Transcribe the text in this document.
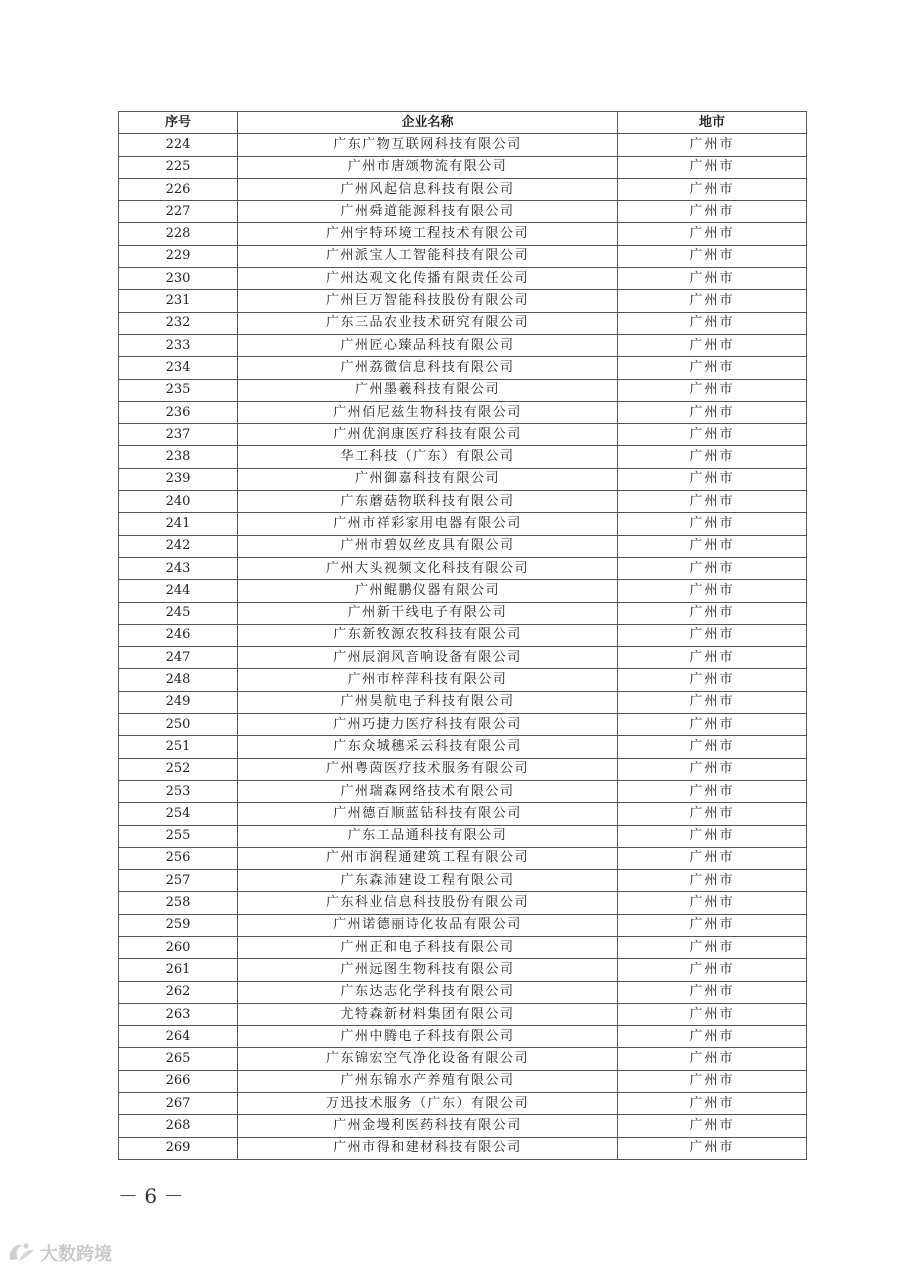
序号	企业名称	地市
224	广东广物互联网科技有限公司	广州市
225	广州市唐颂物流有限公司	广州市
226	广州风起信息科技有限公司	广州市
227	广州舜道能源科技有限公司	广州市
228	广州宇特环境工程技术有限公司	广州市
229	广州派宝人工智能科技有限公司	广州市
230	广州达观文化传播有限责任公司	广州市
231	广州巨万智能科技股份有限公司	广州市
232	广东三品农业技术研究有限公司	广州市
233	广州匠心臻品科技有限公司	广州市
234	广州荔微信息科技有限公司	广州市
235	广州墨羲科技有限公司	广州市
236	广州佰尼兹生物科技有限公司	广州市
237	广州优润康医疗科技有限公司	广州市
238	华工科技（广东）有限公司	广州市
239	广州御嘉科技有限公司	广州市
240	广东蘑菇物联科技有限公司	广州市
241	广州市祥彩家用电器有限公司	广州市
242	广州市碧奴丝皮具有限公司	广州市
243	广州大头视频文化科技有限公司	广州市
244	广州鲲鹏仪器有限公司	广州市
245	广州新干线电子有限公司	广州市
246	广东新牧源农牧科技有限公司	广州市
247	广州辰润风音响设备有限公司	广州市
248	广州市梓萍科技有限公司	广州市
249	广州昊航电子科技有限公司	广州市
250	广州巧捷力医疗科技有限公司	广州市
251	广东众城穗采云科技有限公司	广州市
252	广州粤茵医疗技术服务有限公司	广州市
253	广州瑞森网络技术有限公司	广州市
254	广州德百顺蓝钻科技有限公司	广州市
255	广东工品通科技有限公司	广州市
256	广州市润程通建筑工程有限公司	广州市
257	广东森沛建设工程有限公司	广州市
258	广东科业信息科技股份有限公司	广州市
259	广州诺德丽诗化妆品有限公司	广州市
260	广州正和电子科技有限公司	广州市
261	广州远图生物科技有限公司	广州市
262	广东达志化学科技有限公司	广州市
263	尤特森新材料集团有限公司	广州市
264	广州中腾电子科技有限公司	广州市
265	广东锦宏空气净化设备有限公司	广州市
266	广州东锦水产养殖有限公司	广州市
267	万迅技术服务（广东）有限公司	广州市
268	广州金墁利医药科技有限公司	广州市
269	广州市得和建材科技有限公司	广州市
－ 6 －
大数跨境
